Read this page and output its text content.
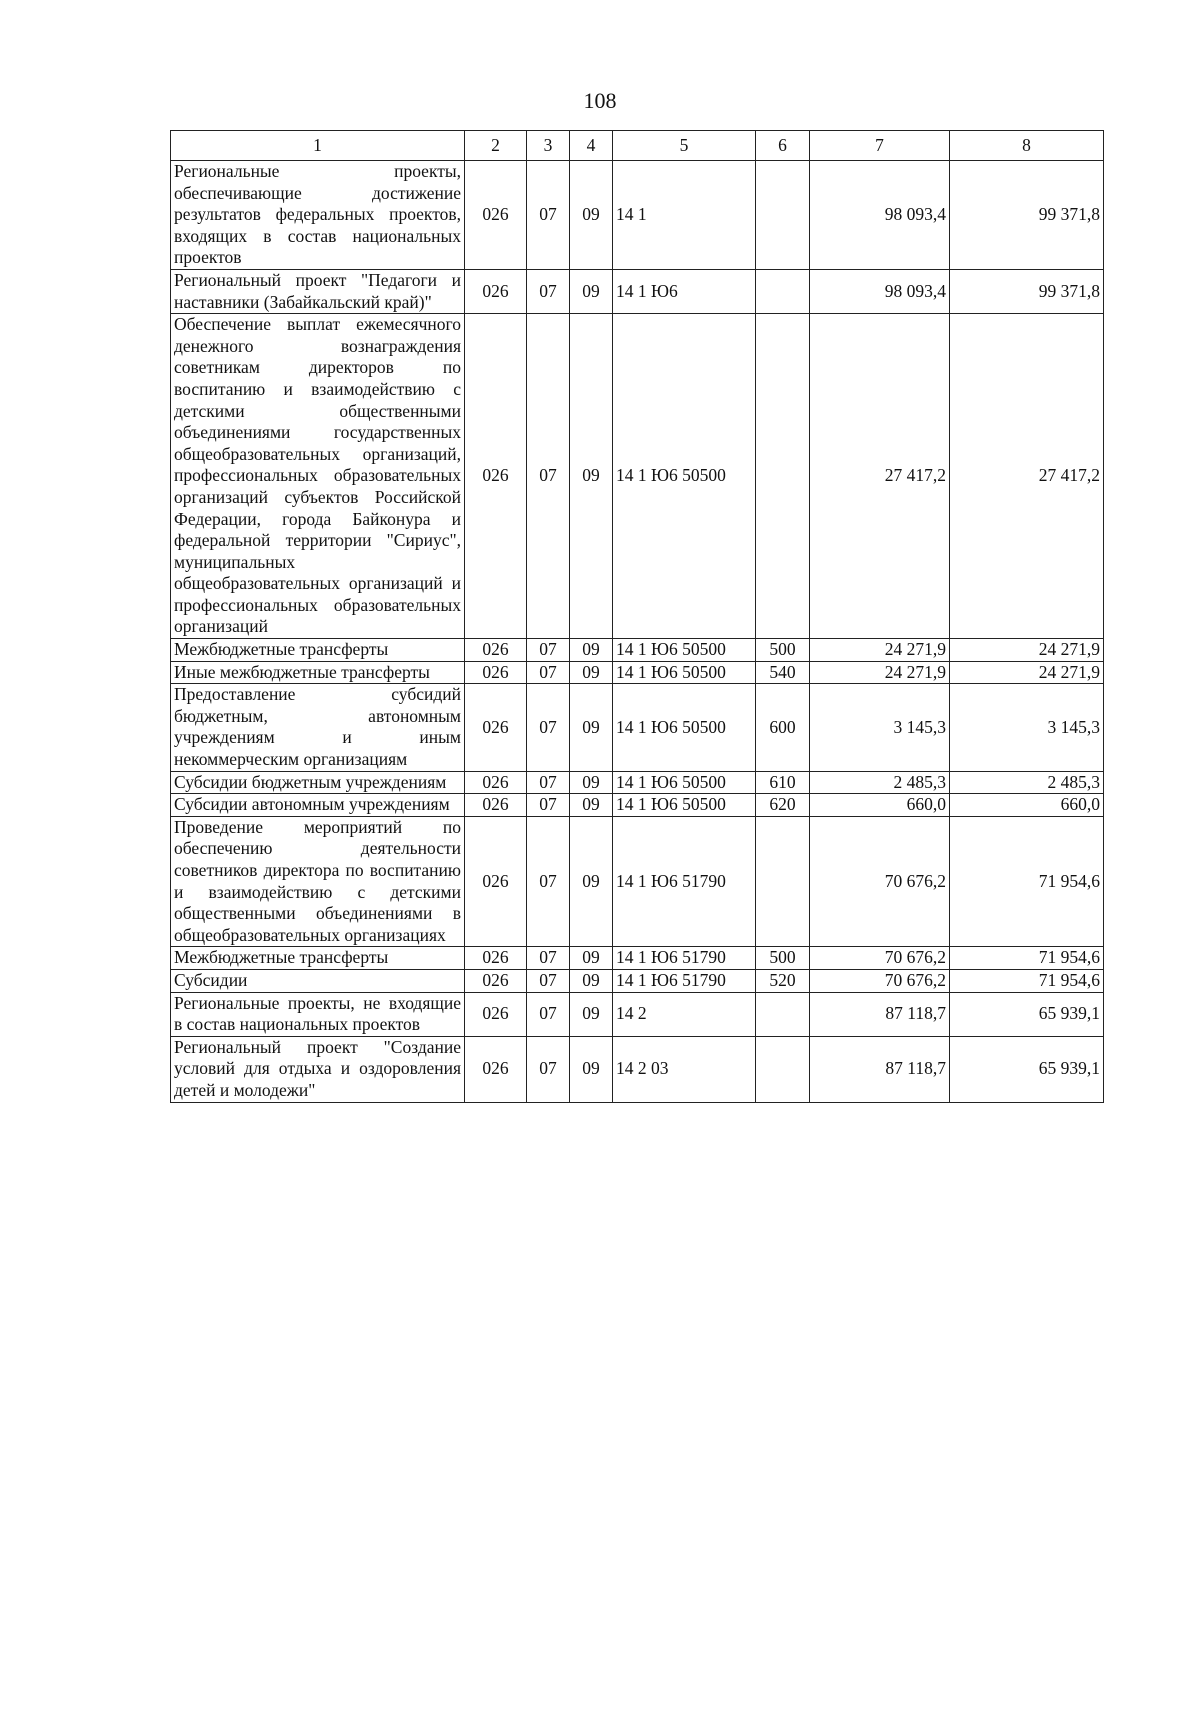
108
1	2	3	4	5	6	7	8
Региональные проекты, обеспечивающие достижение результатов федеральных проектов, входящих в состав национальных проектов	026	07	09	14 1		98 093,4	99 371,8
Региональный проект "Педагоги и наставники (Забайкальский край)"	026	07	09	14 1 Ю6		98 093,4	99 371,8
Обеспечение выплат ежемесячного денежного вознаграждения советникам директоров по воспитанию и взаимодействию с детскими общественными объединениями государственных общеобразовательных организаций, профессиональных образовательных организаций субъектов Российской Федерации, города Байконура и федеральной территории "Сириус", муниципальных общеобразовательных организаций и профессиональных образовательных организаций	026	07	09	14 1 Ю6 50500		27 417,2	27 417,2
Межбюджетные трансферты	026	07	09	14 1 Ю6 50500	500	24 271,9	24 271,9
Иные межбюджетные трансферты	026	07	09	14 1 Ю6 50500	540	24 271,9	24 271,9
Предоставление субсидий бюджетным, автономным учреждениям и иным некоммерческим организациям	026	07	09	14 1 Ю6 50500	600	3 145,3	3 145,3
Субсидии бюджетным учреждениям	026	07	09	14 1 Ю6 50500	610	2 485,3	2 485,3
Субсидии автономным учреждениям	026	07	09	14 1 Ю6 50500	620	660,0	660,0
Проведение мероприятий по обеспечению деятельности советников директора по воспитанию и взаимодействию с детскими общественными объединениями в общеобразовательных организациях	026	07	09	14 1 Ю6 51790		70 676,2	71 954,6
Межбюджетные трансферты	026	07	09	14 1 Ю6 51790	500	70 676,2	71 954,6
Субсидии	026	07	09	14 1 Ю6 51790	520	70 676,2	71 954,6
Региональные проекты, не входящие в состав национальных проектов	026	07	09	14 2		87 118,7	65 939,1
Региональный проект "Создание условий для отдыха и оздоровления детей и молодежи"	026	07	09	14 2 03		87 118,7	65 939,1
